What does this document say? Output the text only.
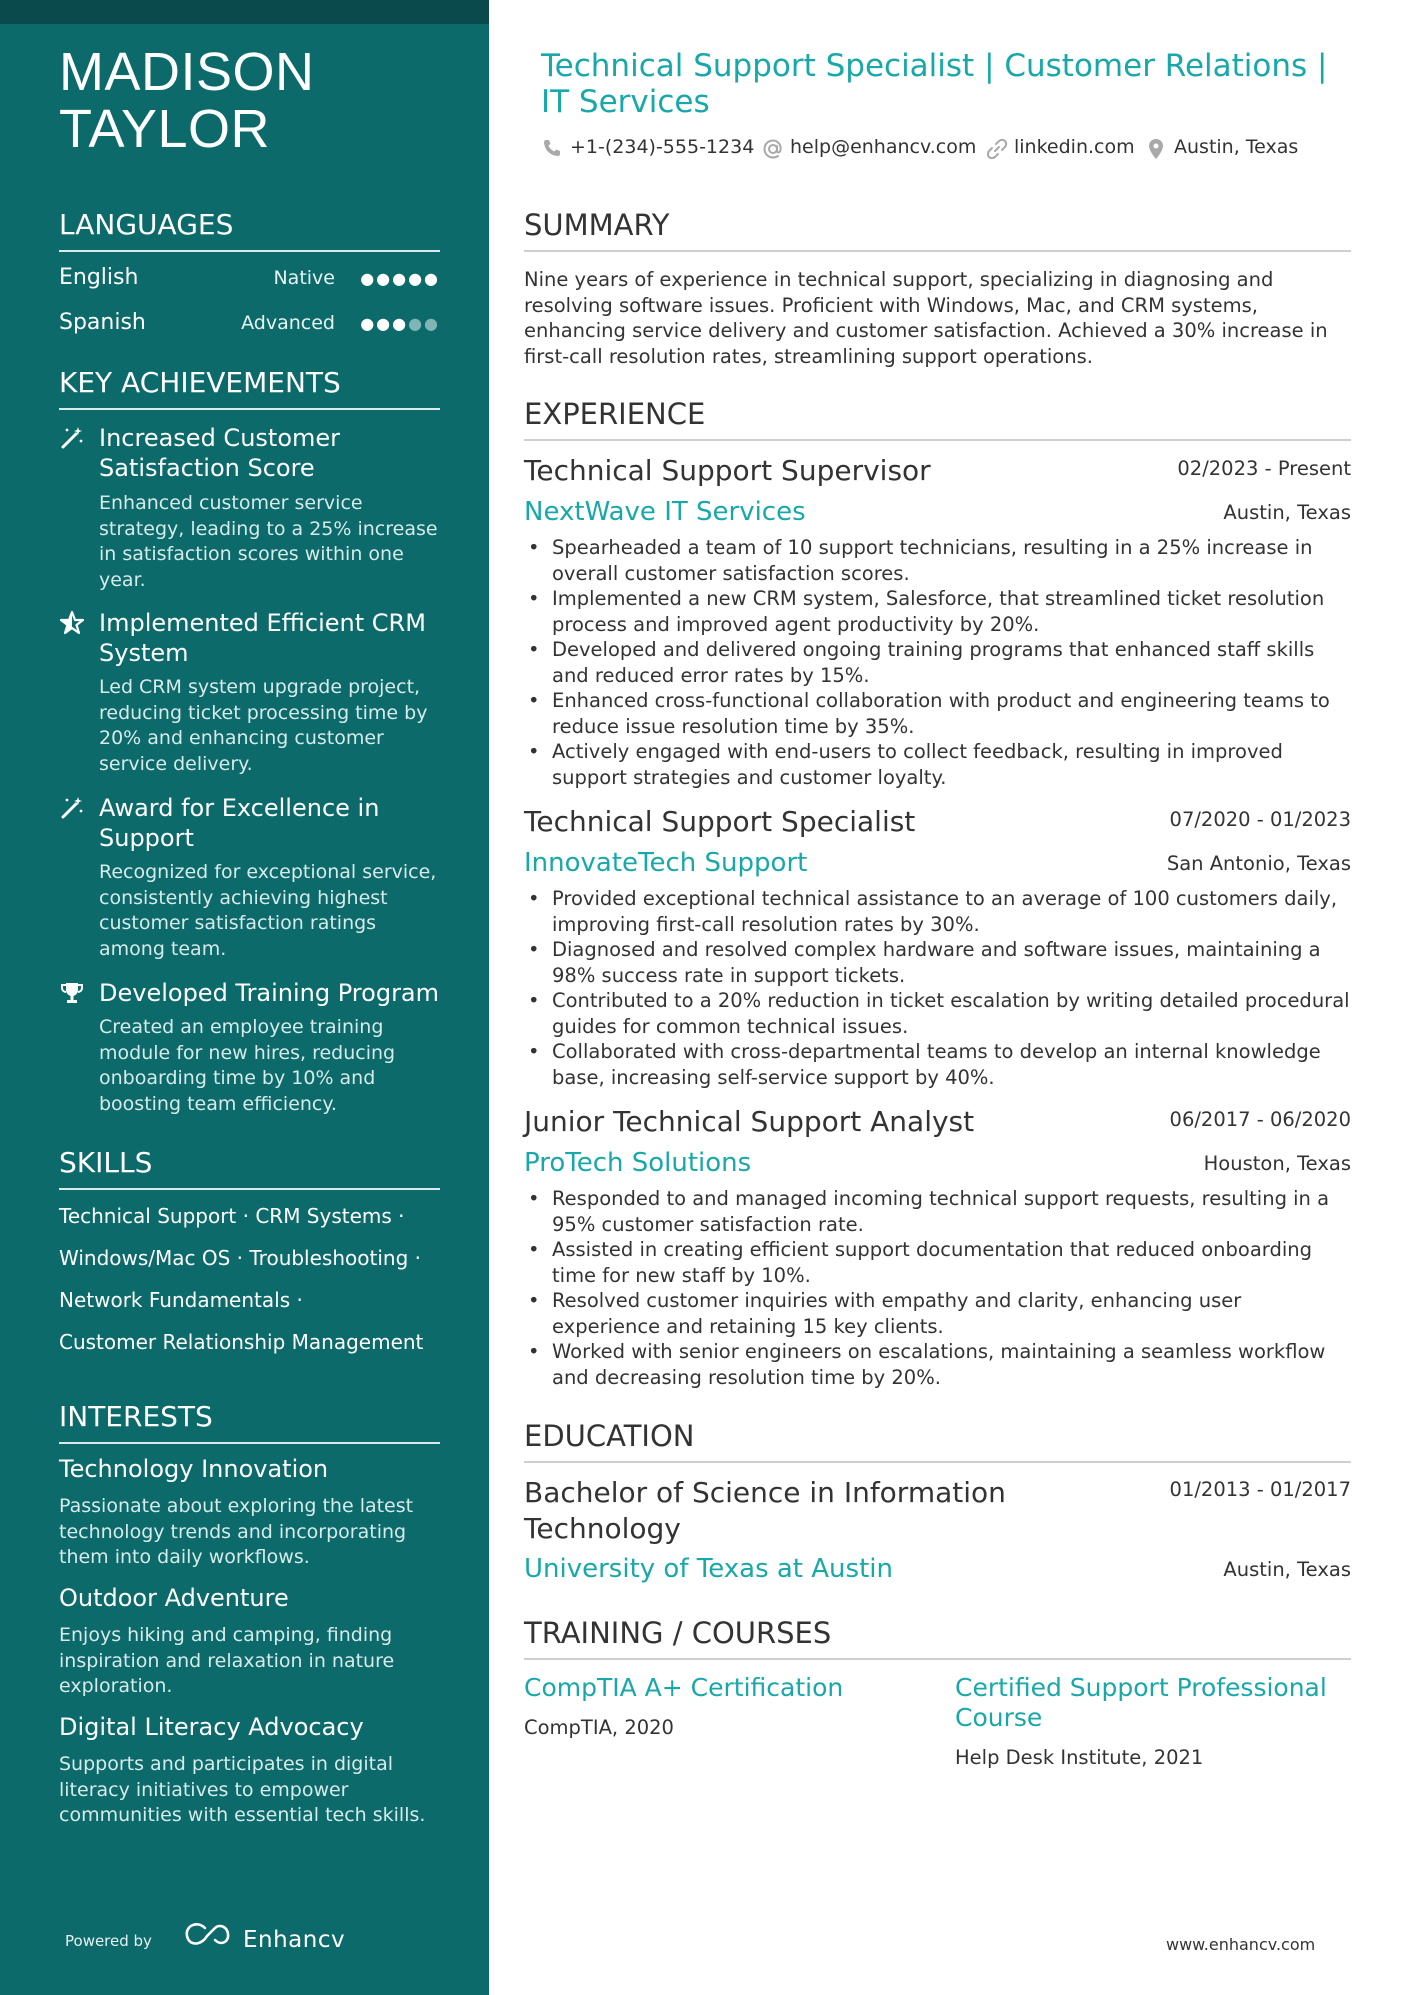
MADISON
TAYLOR
LANGUAGES
English	Native ●●●●●
Spanish	Advanced ●●●●●
KEY ACHIEVEMENTS
Increased Customer Satisfaction Score
Enhanced customer service strategy, leading to a 25% increase in satisfaction scores within one year.
Implemented Efficient CRM System
Led CRM system upgrade project, reducing ticket processing time by 20% and enhancing customer service delivery.
Award for Excellence in Support
Recognized for exceptional service, consistently achieving highest customer satisfaction ratings among team.
Developed Training Program
Created an employee training module for new hires, reducing onboarding time by 10% and boosting team efficiency.
SKILLS
Technical Support · CRM Systems ·
Windows/Mac OS · Troubleshooting ·
Network Fundamentals ·
Customer Relationship Management
INTERESTS
Technology Innovation
Passionate about exploring the latest technology trends and incorporating them into daily workflows.
Outdoor Adventure
Enjoys hiking and camping, finding inspiration and relaxation in nature exploration.
Digital Literacy Advocacy
Supports and participates in digital literacy initiatives to empower communities with essential tech skills.
Powered by	Enhancv
Technical Support Specialist | Customer Relations | IT Services
+1-(234)-555-1234 help@enhancv.com linkedin.com Austin, Texas
SUMMARY
Nine years of experience in technical support, specializing in diagnosing and resolving software issues. Proficient with Windows, Mac, and CRM systems, enhancing service delivery and customer satisfaction. Achieved a 30% increase in first-call resolution rates, streamlining support operations.
EXPERIENCE
Technical Support Supervisor	02/2023 - Present
NextWave IT Services	Austin, Texas
• Spearheaded a team of 10 support technicians, resulting in a 25% increase in overall customer satisfaction scores.
• Implemented a new CRM system, Salesforce, that streamlined ticket resolution process and improved agent productivity by 20%.
• Developed and delivered ongoing training programs that enhanced staff skills and reduced error rates by 15%.
• Enhanced cross-functional collaboration with product and engineering teams to reduce issue resolution time by 35%.
• Actively engaged with end-users to collect feedback, resulting in improved support strategies and customer loyalty.
Technical Support Specialist	07/2020 - 01/2023
InnovateTech Support	San Antonio, Texas
• Provided exceptional technical assistance to an average of 100 customers daily, improving first-call resolution rates by 30%.
• Diagnosed and resolved complex hardware and software issues, maintaining a 98% success rate in support tickets.
• Contributed to a 20% reduction in ticket escalation by writing detailed procedural guides for common technical issues.
• Collaborated with cross-departmental teams to develop an internal knowledge base, increasing self-service support by 40%.
Junior Technical Support Analyst	06/2017 - 06/2020
ProTech Solutions	Houston, Texas
• Responded to and managed incoming technical support requests, resulting in a 95% customer satisfaction rate.
• Assisted in creating efficient support documentation that reduced onboarding time for new staff by 10%.
• Resolved customer inquiries with empathy and clarity, enhancing user experience and retaining 15 key clients.
• Worked with senior engineers on escalations, maintaining a seamless workflow and decreasing resolution time by 20%.
EDUCATION
Bachelor of Science in Information Technology
01/2013 - 01/2017
University of Texas at Austin	Austin, Texas
TRAINING / COURSES
CompTIA A+ Certification
CompTIA, 2020
Certified Support Professional Course
Help Desk Institute, 2021
www.enhancv.com
